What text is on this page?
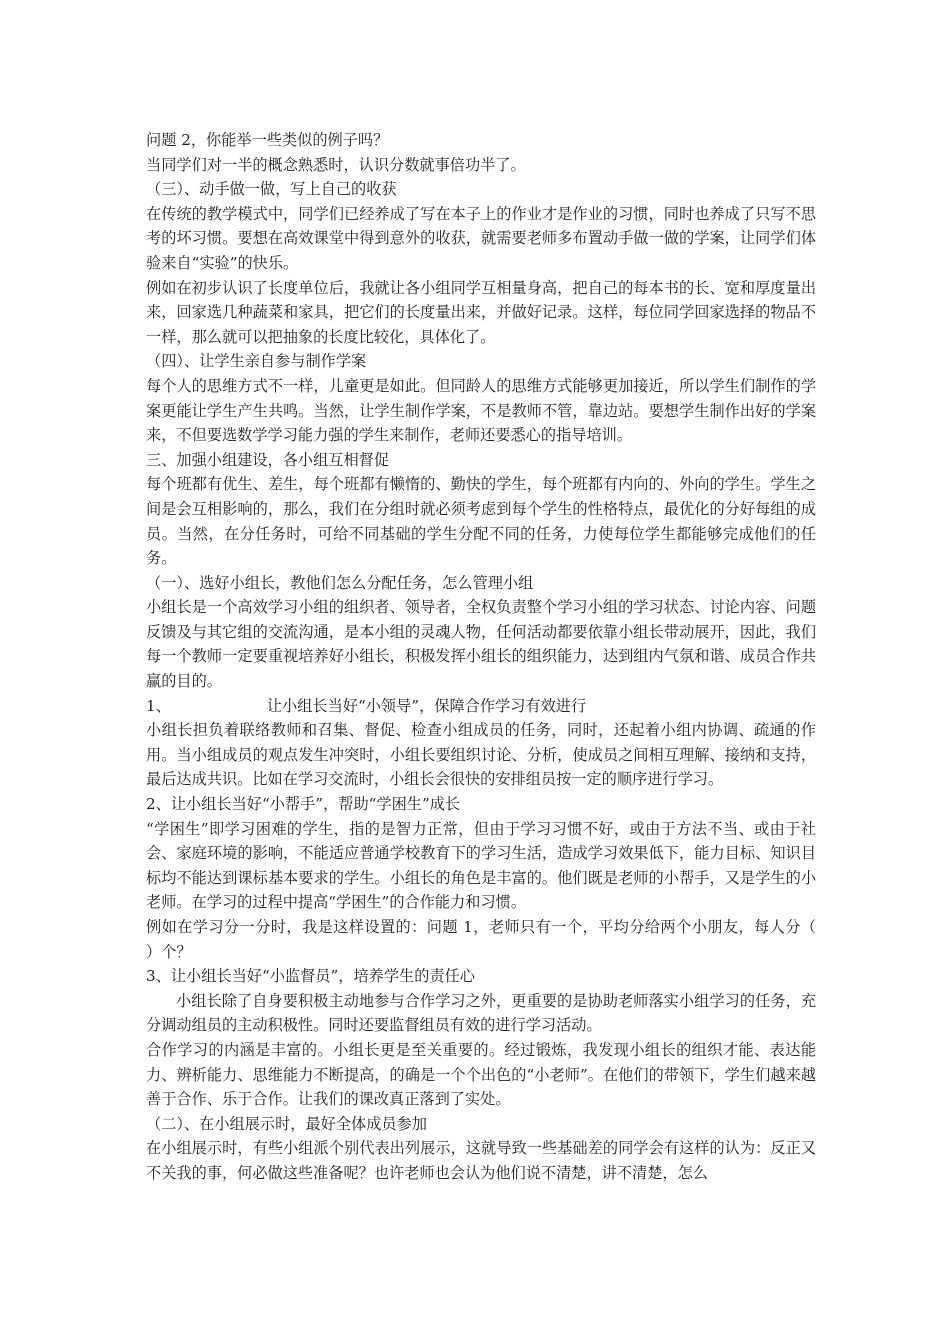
问题 2，你能举一些类似的例子吗？

当同学们对一半的概念熟悉时，认识分数就事倍功半了。

（三）、动手做一做，写上自己的收获

在传统的教学模式中，同学们已经养成了写在本子上的作业才是作业的习惯，同时也养成了只写不思考的坏习惯。要想在高效课堂中得到意外的收获，就需要老师多布置动手做一做的学案，让同学们体验来自“实验”的快乐。

例如在初步认识了长度单位后，我就让各小组同学互相量身高，把自己的每本书的长、宽和厚度量出来，回家选几种蔬菜和家具，把它们的长度量出来，并做好记录。这样，每位同学回家选择的物品不一样，那么就可以把抽象的长度比较化，具体化了。

（四）、让学生亲自参与制作学案

每个人的思维方式不一样，儿童更是如此。但同龄人的思维方式能够更加接近，所以学生们制作的学案更能让学生产生共鸣。当然，让学生制作学案，不是教师不管，靠边站。要想学生制作出好的学案来，不但要选数学学习能力强的学生来制作，老师还要悉心的指导培训。

三、加强小组建设，各小组互相督促

每个班都有优生、差生，每个班都有懒惰的、勤快的学生，每个班都有内向的、外向的学生。学生之间是会互相影响的，那么，我们在分组时就必须考虑到每个学生的性格特点，最优化的分好每组的成员。当然，在分任务时，可给不同基础的学生分配不同的任务，力使每位学生都能够完成他们的任务。

（一）、选好小组长，教他们怎么分配任务，怎么管理小组

小组长是一个高效学习小组的组织者、领导者，全权负责整个学习小组的学习状态、讨论内容、问题反馈及与其它组的交流沟通，是本小组的灵魂人物，任何活动都要依靠小组长带动展开，因此，我们每一个教师一定要重视培养好小组长，积极发挥小组长的组织能力，达到组内气氛和谐、成员合作共赢的目的。

1、	让小组长当好“小领导”，保障合作学习有效进行

小组长担负着联络教师和召集、督促、检查小组成员的任务，同时，还起着小组内协调、疏通的作用。当小组成员的观点发生冲突时，小组长要组织讨论、分析，使成员之间相互理解、接纳和支持，最后达成共识。比如在学习交流时，小组长会很快的安排组员按一定的顺序进行学习。

2、让小组长当好“小帮手”，帮助“学困生”成长

“学困生”即学习困难的学生，指的是智力正常，但由于学习习惯不好，或由于方法不当、或由于社会、家庭环境的影响，不能适应普通学校教育下的学习生活，造成学习效果低下，能力目标、知识目标均不能达到课标基本要求的学生。小组长的角色是丰富的。他们既是老师的小帮手，又是学生的小老师。在学习的过程中提高“学困生”的合作能力和习惯。

例如在学习分一分时，我是这样设置的：问题 1，老师只有一个，平均分给两个小朋友，每人分（　　　）个？

3、让小组长当好“小监督员”，培养学生的责任心

小组长除了自身要积极主动地参与合作学习之外，更重要的是协助老师落实小组学习的任务，充分调动组员的主动积极性。同时还要监督组员有效的进行学习活动。

合作学习的内涵是丰富的。小组长更是至关重要的。经过锻炼，我发现小组长的组织才能、表达能力、辨析能力、思维能力不断提高，的确是一个个出色的“小老师”。在他们的带领下，学生们越来越善于合作、乐于合作。让我们的课改真正落到了实处。

（二）、在小组展示时，最好全体成员参加

在小组展示时，有些小组派个别代表出列展示，这就导致一些基础差的同学会有这样的认为：反正又不关我的事，何必做这些准备呢？也许老师也会认为他们说不清楚，讲不清楚，怎么
